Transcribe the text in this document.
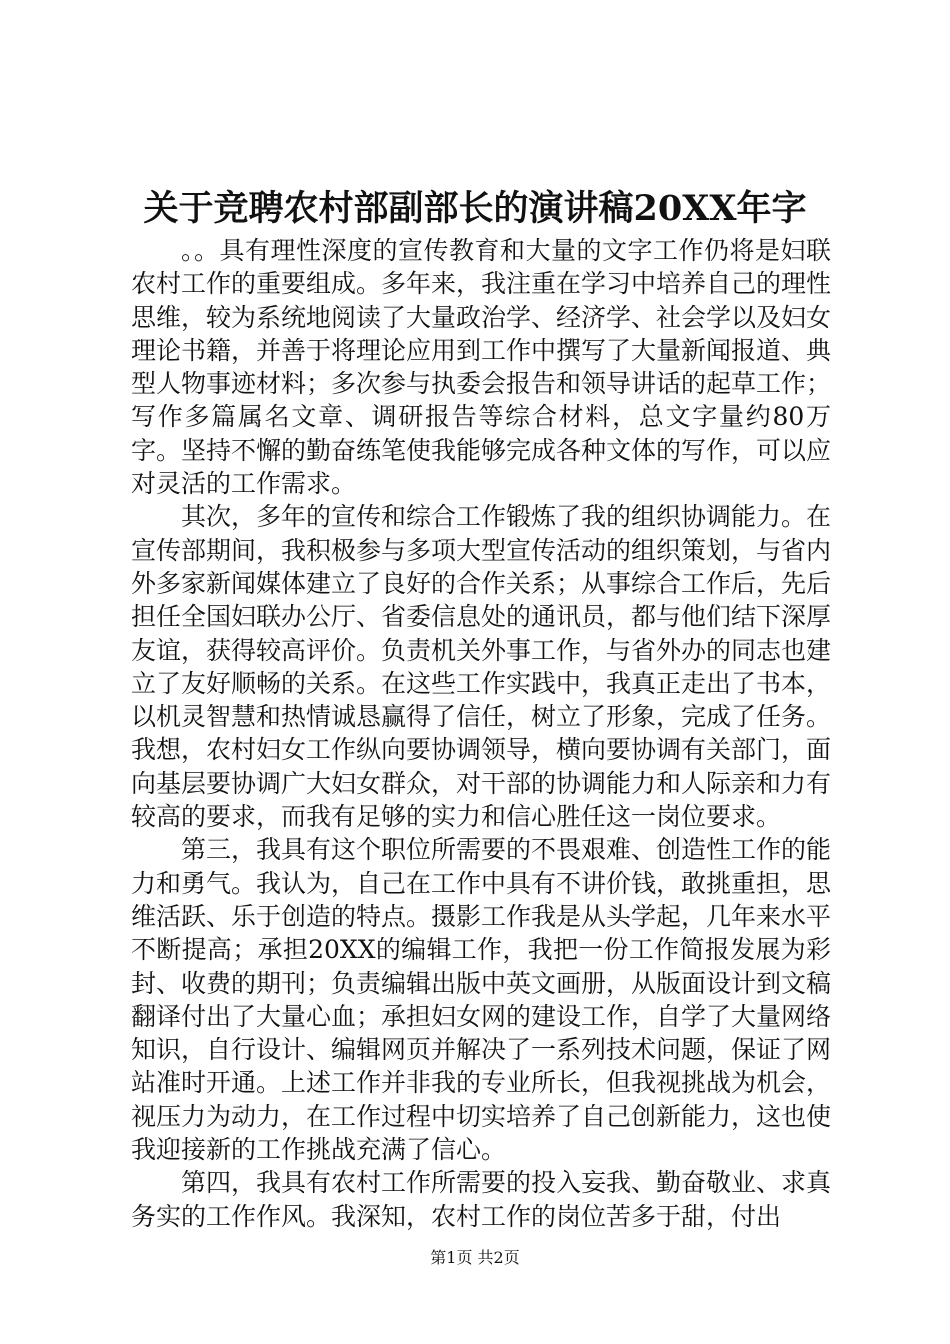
关于竞聘农村部副部长的演讲稿20XX年字

。。具有理性深度的宣传教育和大量的文字工作仍将是妇联农村工作的重要组成。多年来，我注重在学习中培养自己的理性思维，较为系统地阅读了大量政治学、经济学、社会学以及妇女理论书籍，并善于将理论应用到工作中撰写了大量新闻报道、典型人物事迹材料；多次参与执委会报告和领导讲话的起草工作；写作多篇属名文章、调研报告等综合材料，总文字量约80万字。坚持不懈的勤奋练笔使我能够完成各种文体的写作，可以应对灵活的工作需求。

其次，多年的宣传和综合工作锻炼了我的组织协调能力。在宣传部期间，我积极参与多项大型宣传活动的组织策划，与省内外多家新闻媒体建立了良好的合作关系；从事综合工作后，先后担任全国妇联办公厅、省委信息处的通讯员，都与他们结下深厚友谊，获得较高评价。负责机关外事工作，与省外办的同志也建立了友好顺畅的关系。在这些工作实践中，我真正走出了书本，以机灵智慧和热情诚恳赢得了信任，树立了形象，完成了任务。我想，农村妇女工作纵向要协调领导，横向要协调有关部门，面向基层要协调广大妇女群众，对干部的协调能力和人际亲和力有较高的要求，而我有足够的实力和信心胜任这一岗位要求。

第三，我具有这个职位所需要的不畏艰难、创造性工作的能力和勇气。我认为，自己在工作中具有不讲价钱，敢挑重担，思维活跃、乐于创造的特点。摄影工作我是从头学起，几年来水平不断提高；承担20XX的编辑工作，我把一份工作简报发展为彩封、收费的期刊；负责编辑出版中英文画册，从版面设计到文稿翻译付出了大量心血；承担妇女网的建设工作，自学了大量网络知识，自行设计、编辑网页并解决了一系列技术问题，保证了网站准时开通。上述工作并非我的专业所长，但我视挑战为机会，视压力为动力，在工作过程中切实培养了自己创新能力，这也使我迎接新的工作挑战充满了信心。

第四，我具有农村工作所需要的投入妄我、勤奋敬业、求真务实的工作作风。我深知，农村工作的岗位苦多于甜，付出

第1页 共2页
